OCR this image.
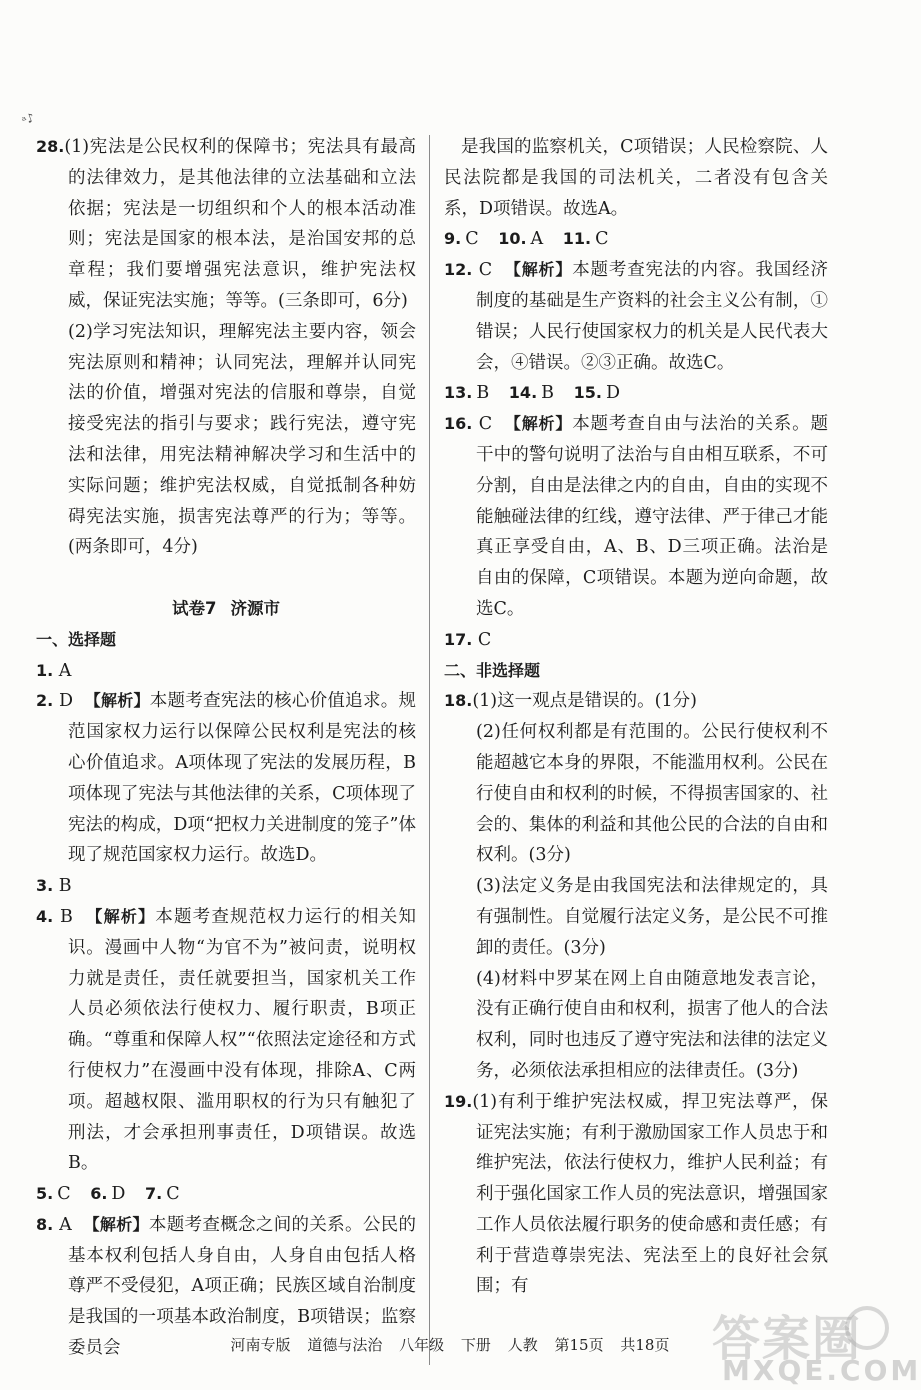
ᵃ♪

28.(1)宪法是公民权利的保障书；宪法具有最高的法律效力，是其他法律的立法基础和立法依据；宪法是一切组织和个人的根本活动准则；宪法是国家的根本法，是治国安邦的总章程；我们要增强宪法意识，维护宪法权威，保证宪法实施；等等。(三条即可，6分)

(2)学习宪法知识，理解宪法主要内容，领会宪法原则和精神；认同宪法，理解并认同宪法的价值，增强对宪法的信服和尊崇，自觉接受宪法的指引与要求；践行宪法，遵守宪法和法律，用宪法精神解决学习和生活中的实际问题；维护宪法权威，自觉抵制各种妨碍宪法实施，损害宪法尊严的行为；等等。(两条即可，4分)

试卷7 济源市

一、选择题

1. A

2. D 【解析】本题考查宪法的核心价值追求。规范国家权力运行以保障公民权利是宪法的核心价值追求。A项体现了宪法的发展历程，B项体现了宪法与其他法律的关系，C项体现了宪法的构成，D项“把权力关进制度的笼子”体现了规范国家权力运行。故选D。

3. B

4. B 【解析】本题考查规范权力运行的相关知识。漫画中人物“为官不为”被问责，说明权力就是责任，责任就要担当，国家机关工作人员必须依法行使权力、履行职责，B项正确。“尊重和保障人权”“依照法定途径和方式行使权力”在漫画中没有体现，排除A、C两项。超越权限、滥用职权的行为只有触犯了刑法，才会承担刑事责任，D项错误。故选B。

5. C 6. D 7. C

8. A 【解析】本题考查概念之间的关系。公民的基本权利包括人身自由，人身自由包括人格尊严不受侵犯，A项正确；民族区域自治制度是我国的一项基本政治制度，B项错误；监察委员会

是我国的监察机关，C项错误；人民检察院、人民法院都是我国的司法机关，二者没有包含关系，D项错误。故选A。

9. C 10. A 11. C

12. C 【解析】本题考查宪法的内容。我国经济制度的基础是生产资料的社会主义公有制，①错误；人民行使国家权力的机关是人民代表大会，④错误。②③正确。故选C。

13. B 14. B 15. D

16. C 【解析】本题考查自由与法治的关系。题干中的警句说明了法治与自由相互联系，不可分割，自由是法律之内的自由，自由的实现不能触碰法律的红线，遵守法律、严于律己才能真正享受自由，A、B、D三项正确。法治是自由的保障，C项错误。本题为逆向命题，故选C。

17. C

二、非选择题

18.(1)这一观点是错误的。(1分)

(2)任何权利都是有范围的。公民行使权利不能超越它本身的界限，不能滥用权利。公民在行使自由和权利的时候，不得损害国家的、社会的、集体的利益和其他公民的合法的自由和权利。(3分)

(3)法定义务是由我国宪法和法律规定的，具有强制性。自觉履行法定义务，是公民不可推卸的责任。(3分)

(4)材料中罗某在网上自由随意地发表言论，没有正确行使自由和权利，损害了他人的合法权利，同时也违反了遵守宪法和法律的法定义务，必须依法承担相应的法律责任。(3分)

19.(1)有利于维护宪法权威，捍卫宪法尊严，保证宪法实施；有利于激励国家工作人员忠于和维护宪法，依法行使权力，维护人民利益；有利于强化国家工作人员的宪法意识，增强国家工作人员依法履行职务的使命感和责任感；有利于营造尊崇宪法、宪法至上的良好社会氛围；有

河南专版 道德与法治 八年级 下册 人教 第15页 共18页 答案圈
MXQE.COM
